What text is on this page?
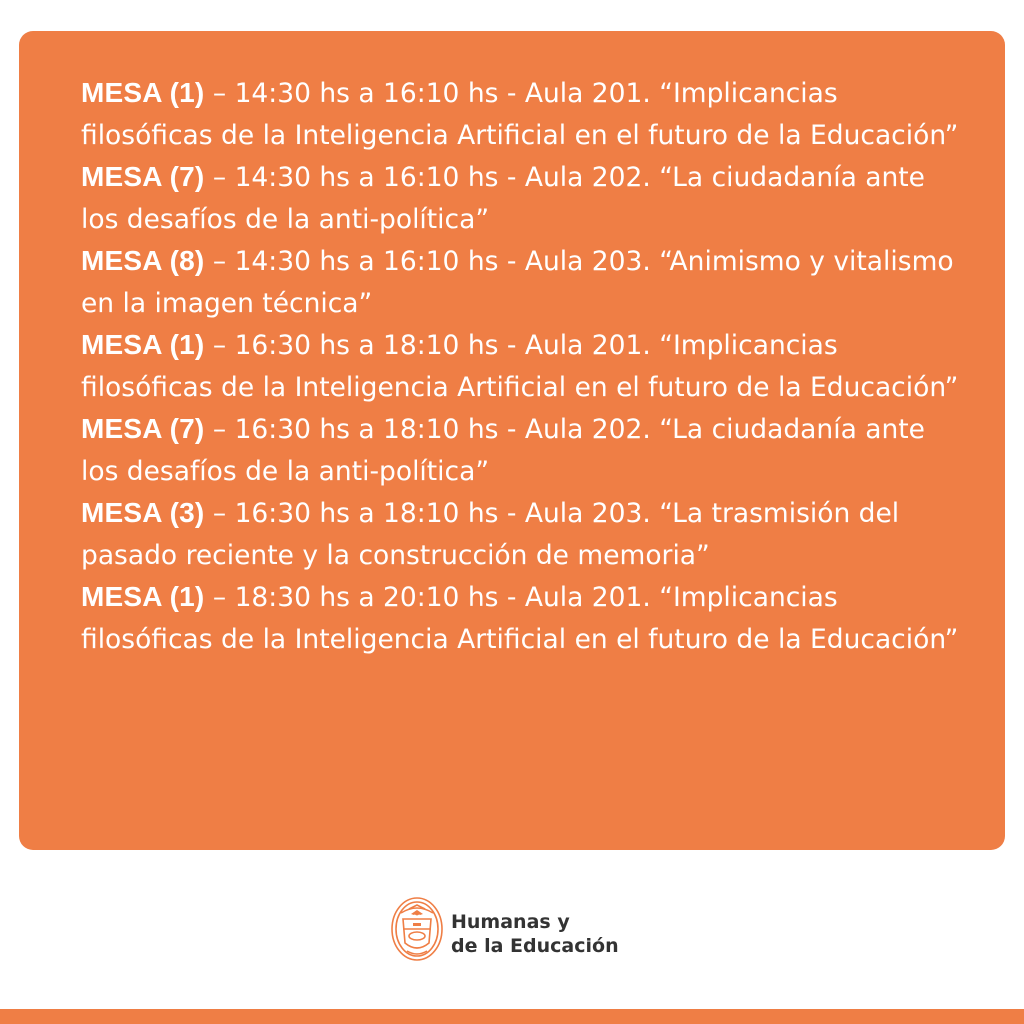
MESA (1) – 14:30 hs a 16:10 hs - Aula 201. “Implicancias filosóficas de la Inteligencia Artificial en el futuro de la Educación”
MESA (7) – 14:30 hs a 16:10 hs - Aula 202. “La ciudadanía ante los desafíos de la anti-política”
MESA (8) – 14:30 hs a 16:10 hs - Aula 203. “Animismo y vitalismo en la imagen técnica”
MESA (1) – 16:30 hs a 18:10 hs - Aula 201. “Implicancias filosóficas de la Inteligencia Artificial en el futuro de la Educación”
MESA (7) – 16:30 hs a 18:10 hs - Aula 202. “La ciudadanía ante los desafíos de la anti-política”
MESA (3) – 16:30 hs a 18:10 hs - Aula 203. “La trasmisión del pasado reciente y la construcción de memoria”
MESA (1) – 18:30 hs a 20:10 hs - Aula 201. “Implicancias filosóficas de la Inteligencia Artificial en el futuro de la Educación”
Humanas y
de la Educación
